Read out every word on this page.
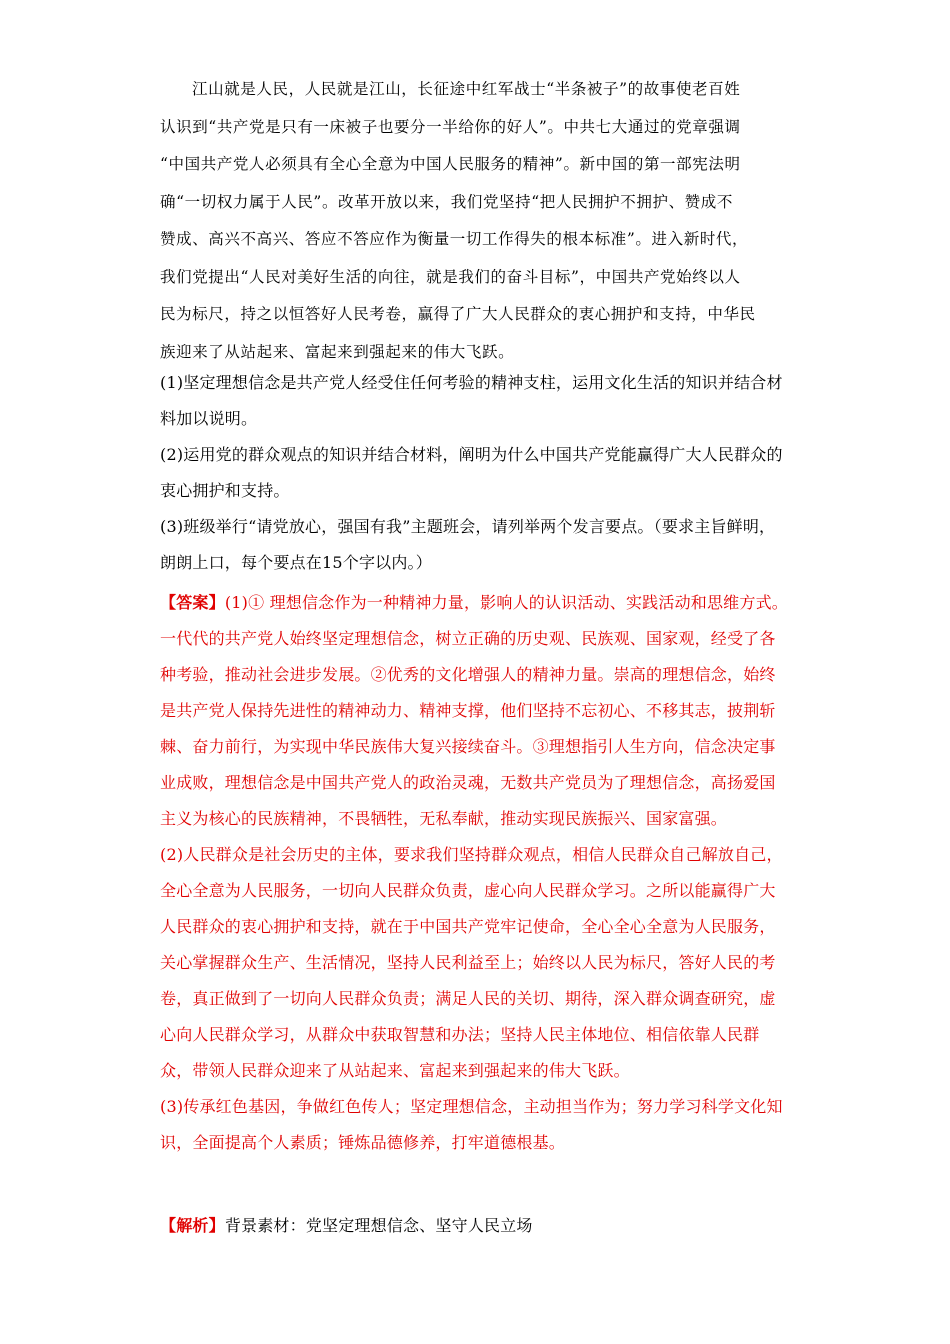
江山就是人民，人民就是江山，长征途中红军战士“半条被子”的故事使老百姓
认识到“共产党是只有一床被子也要分一半给你的好人”。中共七大通过的党章强调
“中国共产党人必须具有全心全意为中国人民服务的精神”。新中国的第一部宪法明
确“一切权力属于人民”。改革开放以来，我们党坚持“把人民拥护不拥护、赞成不
赞成、高兴不高兴、答应不答应作为衡量一切工作得失的根本标准”。进入新时代，
我们党提出“人民对美好生活的向往，就是我们的奋斗目标”，中国共产党始终以人
民为标尺，持之以恒答好人民考卷，赢得了广大人民群众的衷心拥护和支持，中华民
族迎来了从站起来、富起来到强起来的伟大飞跃。
(1)坚定理想信念是共产党人经受住任何考验的精神支柱，运用文化生活的知识并结合材料加以说明。
(2)运用党的群众观点的知识并结合材料，阐明为什么中国共产党能赢得广大人民群众的衷心拥护和支持。
(3)班级举行“请党放心，强国有我”主题班会，请列举两个发言要点。（要求主旨鲜明，朗朗上口，每个要点在15个字以内。）
【答案】(1)① 理想信念作为一种精神力量，影响人的认识活动、实践活动和思维方式。一代代的共产党人始终坚定理想信念，树立正确的历史观、民族观、国家观，经受了各种考验，推动社会进步发展。②优秀的文化增强人的精神力量。崇高的理想信念，始终是共产党人保持先进性的精神动力、精神支撑，他们坚持不忘初心、不移其志，披荆斩棘、奋力前行，为实现中华民族伟大复兴接续奋斗。③理想指引人生方向，信念决定事业成败，理想信念是中国共产党人的政治灵魂，无数共产党员为了理想信念，高扬爱国主义为核心的民族精神，不畏牺牲，无私奉献，推动实现民族振兴、国家富强。
(2)人民群众是社会历史的主体，要求我们坚持群众观点，相信人民群众自己解放自己，全心全意为人民服务，一切向人民群众负责，虚心向人民群众学习。之所以能赢得广大人民群众的衷心拥护和支持，就在于中国共产党牢记使命，全心全心全意为人民服务，关心掌握群众生产、生活情况，坚持人民利益至上；始终以人民为标尺，答好人民的考卷，真正做到了一切向人民群众负责；满足人民的关切、期待，深入群众调查研究，虚心向人民群众学习，从群众中获取智慧和办法；坚持人民主体地位、相信依靠人民群众，带领人民群众迎来了从站起来、富起来到强起来的伟大飞跃。
(3)传承红色基因，争做红色传人；坚定理想信念，主动担当作为；努力学习科学文化知识，全面提高个人素质；锤炼品德修养，打牢道德根基。
【解析】背景素材：党坚定理想信念、坚守人民立场
